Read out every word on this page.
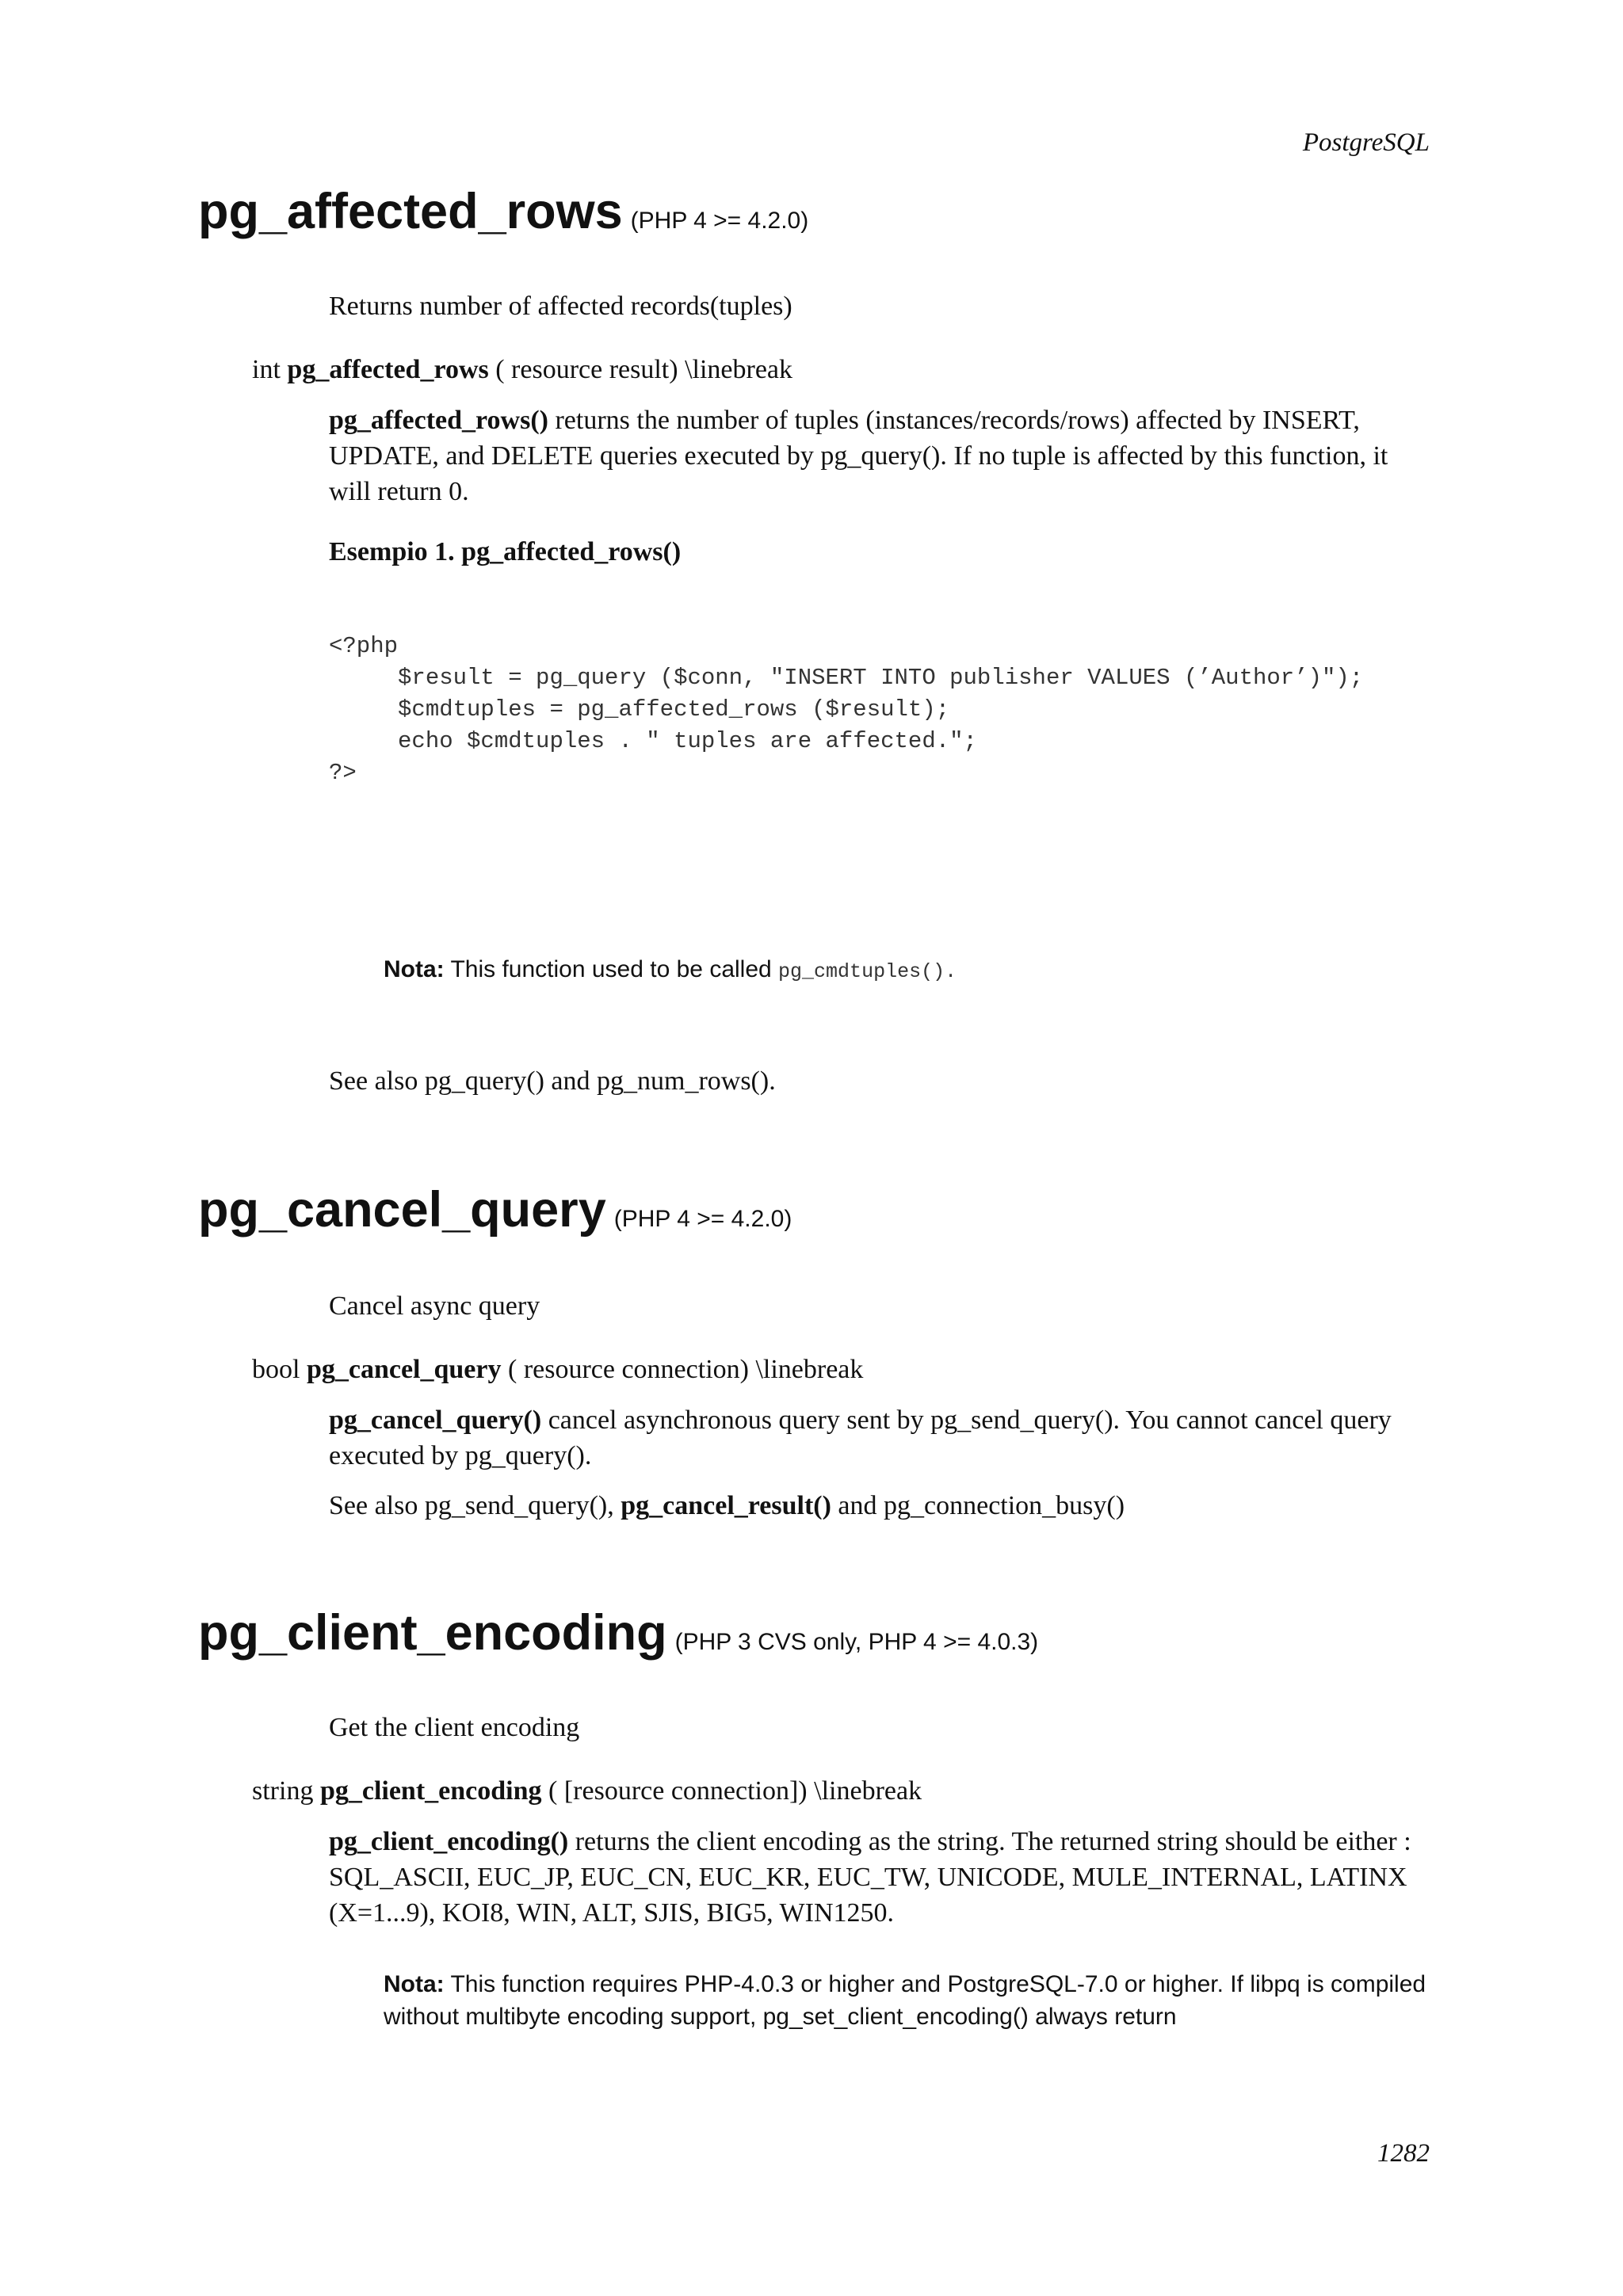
PostgreSQL
pg_affected_rows (PHP 4 >= 4.2.0)
Returns number of affected records(tuples)
int pg_affected_rows ( resource result) \linebreak
pg_affected_rows() returns the number of tuples (instances/records/rows) affected by INSERT, UPDATE, and DELETE queries executed by pg_query(). If no tuple is affected by this function, it will return 0.
Esempio 1. pg_affected_rows()
<?php
$result = pg_query ($conn, "INSERT INTO publisher VALUES (’Author’)");
$cmdtuples = pg_affected_rows ($result);
echo $cmdtuples . " tuples are affected.";
?>
Nota: This function used to be called pg_cmdtuples().
See also pg_query() and pg_num_rows().
pg_cancel_query (PHP 4 >= 4.2.0)
Cancel async query
bool pg_cancel_query ( resource connection) \linebreak
pg_cancel_query() cancel asynchronous query sent by pg_send_query(). You cannot cancel query executed by pg_query().
See also pg_send_query(), pg_cancel_result() and pg_connection_busy()
pg_client_encoding (PHP 3 CVS only, PHP 4 >= 4.0.3)
Get the client encoding
string pg_client_encoding ( [resource connection]) \linebreak
pg_client_encoding() returns the client encoding as the string. The returned string should be either : SQL_ASCII, EUC_JP, EUC_CN, EUC_KR, EUC_TW, UNICODE, MULE_INTERNAL, LATINX (X=1...9), KOI8, WIN, ALT, SJIS, BIG5, WIN1250.
Nota: This function requires PHP-4.0.3 or higher and PostgreSQL-7.0 or higher. If libpq is compiled without multibyte encoding support, pg_set_client_encoding() always return
1282
